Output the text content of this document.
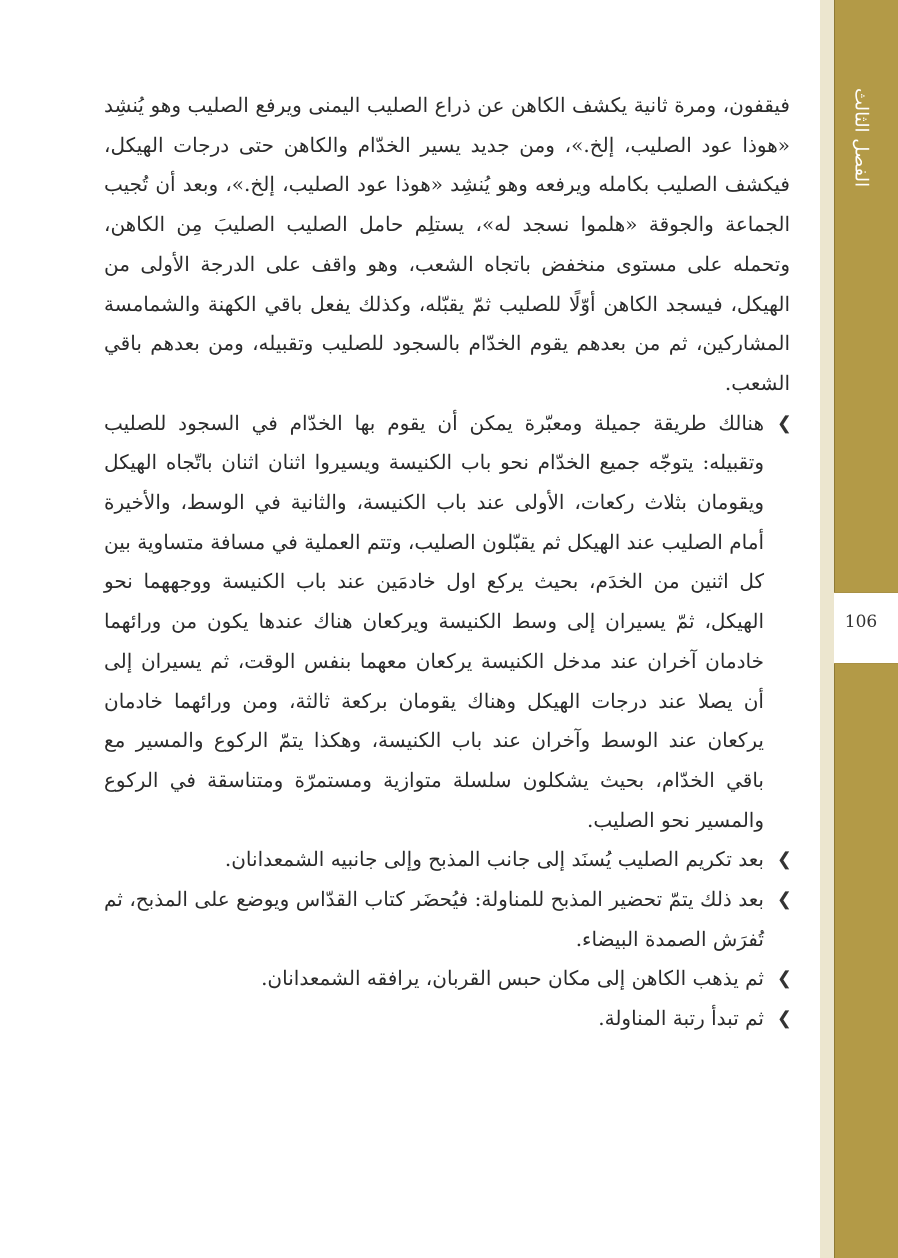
الفصل الثالث
106

فيقفون، ومرة ثانية يكشف الكاهن عن ذراع الصليب اليمنى ويرفع الصليب وهو يُنشِد «هوذا عود الصليب، إلخ.»، ومن جديد يسير الخدّام والكاهن حتى درجات الهيكل، فيكشف الصليب بكامله ويرفعه وهو يُنشِد «هوذا عود الصليب، إلخ.»، وبعد أن تُجيب الجماعة والجوقة «هلموا نسجد له»، يستلِم حامل الصليب الصليبَ مِن الكاهن، وتحمله على مستوى منخفض باتجاه الشعب، وهو واقف على الدرجة الأولى من الهيكل، فيسجد الكاهن أوّلًا للصليب ثمّ يقبّله، وكذلك يفعل باقي الكهنة والشمامسة المشاركين، ثم من بعدهم يقوم الخدّام بالسجود للصليب وتقبيله، ومن بعدهم باقي الشعب.

❯
هنالك طريقة جميلة ومعبّرة يمكن أن يقوم بها الخدّام في السجود للصليب وتقبيله: يتوجّه جميع الخدّام نحو باب الكنيسة ويسيروا اثنان اثنان باتّجاه الهيكل ويقومان بثلاث ركعات، الأولى عند باب الكنيسة، والثانية في الوسط، والأخيرة أمام الصليب عند الهيكل ثم يقبّلون الصليب، وتتم العملية في مسافة متساوية بين كل اثنين من الخدَم، بحيث يركع اول خادمَين عند باب الكنيسة ووجههما نحو الهيكل، ثمّ يسيران إلى وسط الكنيسة ويركعان هناك عندها يكون من ورائهما خادمان آخران عند مدخل الكنيسة يركعان معهما بنفس الوقت، ثم يسيران إلى أن يصلا عند درجات الهيكل وهناك يقومان بركعة ثالثة، ومن ورائهما خادمان يركعان عند الوسط وآخران عند باب الكنيسة، وهكذا يتمّ الركوع والمسير مع باقي الخدّام، بحيث يشكلون سلسلة متوازية ومستمرّة ومتناسقة في الركوع والمسير نحو الصليب.

❯
بعد تكريم الصليب يُسنَد إلى جانب المذبح وإلى جانبيه الشمعدانان.

❯
بعد ذلك يتمّ تحضير المذبح للمناولة: فيُحضَر كتاب القدّاس ويوضع على المذبح، ثم تُفرَش الصمدة البيضاء.

❯
ثم يذهب الكاهن إلى مكان حبس القربان، يرافقه الشمعدانان.

❯
ثم تبدأ رتبة المناولة.
